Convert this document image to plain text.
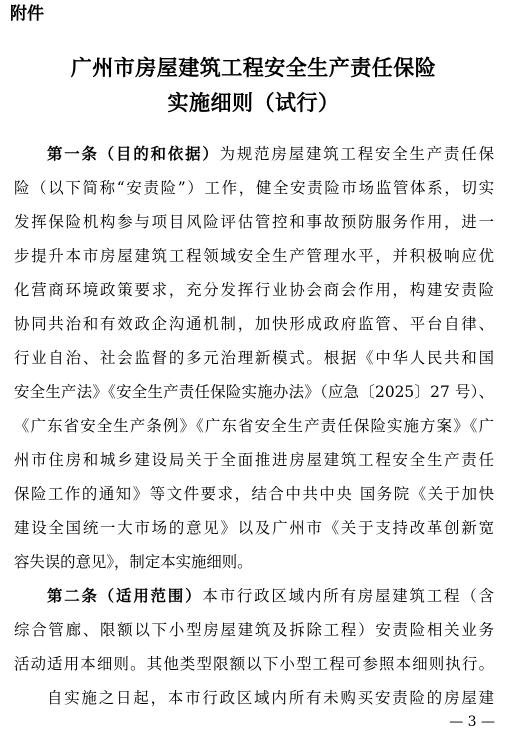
附件
广州市房屋建筑工程安全生产责任保险
实施细则（试行）
第一条（目的和依据）为规范房屋建筑工程安全生产责任保
险（以下简称“安责险”）工作，健全安责险市场监管体系，切实
发挥保险机构参与项目风险评估管控和事故预防服务作用，进一
步提升本市房屋建筑工程领域安全生产管理水平，并积极响应优
化营商环境政策要求，充分发挥行业协会商会作用，构建安责险
协同共治和有效政企沟通机制，加快形成政府监管、平台自律、
行业自治、社会监督的多元治理新模式。根据《中华人民共和国
安全生产法》《安全生产责任保险实施办法》（应急〔2025〕27 号）、
《广东省安全生产条例》《广东省安全生产责任保险实施方案》《广
州市住房和城乡建设局关于全面推进房屋建筑工程安全生产责任
保险工作的通知》等文件要求，结合中共中央 国务院《关于加快
建设全国统一大市场的意见》以及广州市《关于支持改革创新宽
容失误的意见》，制定本实施细则。
第二条（适用范围）本市行政区域内所有房屋建筑工程（含
综合管廊、限额以下小型房屋建筑及拆除工程）安责险相关业务
活动适用本细则。其他类型限额以下小型工程可参照本细则执行。
自实施之日起，本市行政区域内所有未购买安责险的房屋建
— 3 —
